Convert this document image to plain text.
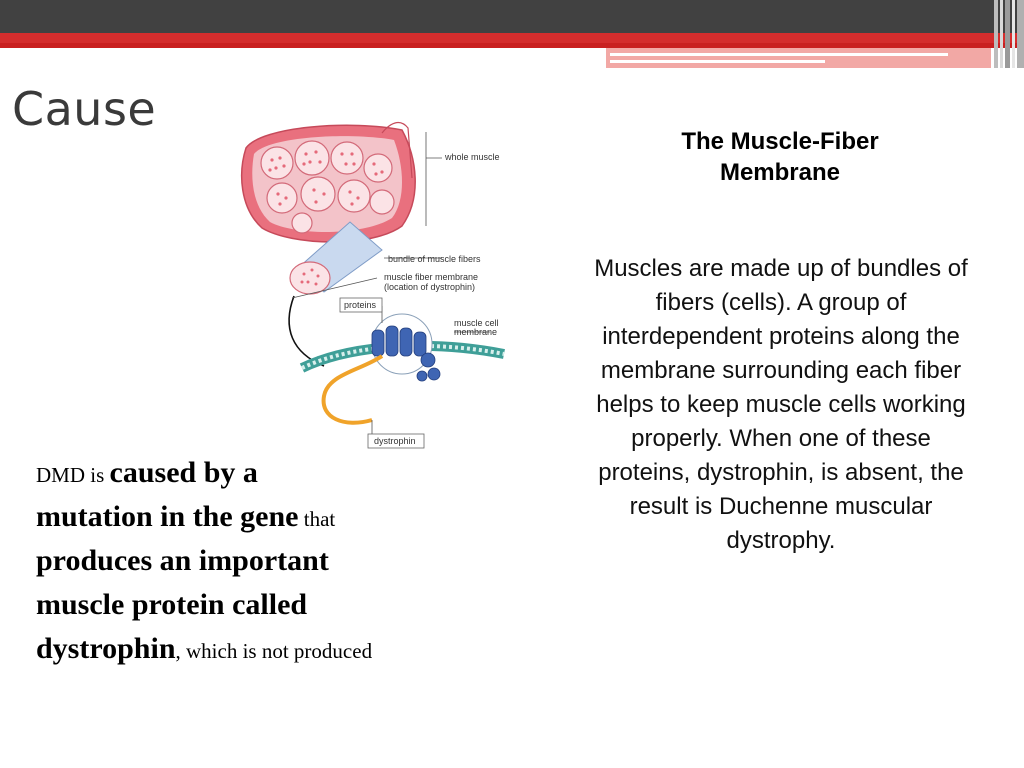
Cause
whole muscle
bundle of muscle fibers
muscle fiber membrane
(location of dystrophin)
proteins
muscle cell
membrane
dystrophin
The Muscle-Fiber Membrane

Muscles are made up of bundles of fibers (cells). A group of interdependent proteins along the membrane surrounding each fiber helps to keep muscle cells working properly. When one of these proteins, dystrophin, is absent, the result is Duchenne muscular dystrophy.

DMD is caused by a mutation in the gene that produces an important muscle protein called dystrophin, which is not produced
